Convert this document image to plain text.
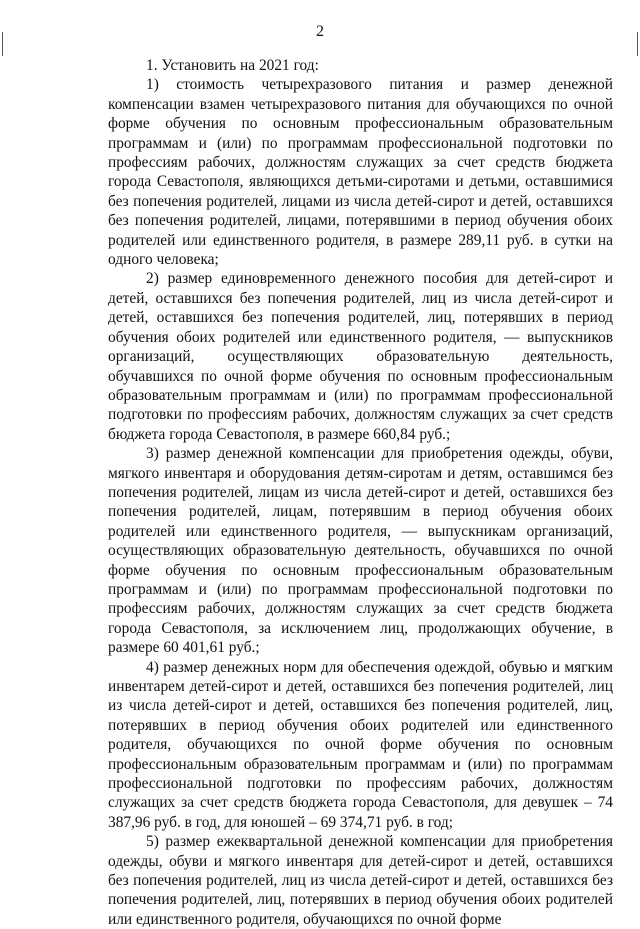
2

1. Установить на 2021 год:

1) стоимость четырехразового питания и размер денежной компенсации взамен четырехразового питания для обучающихся по очной форме обучения по основным профессиональным образовательным программам и (или) по программам профессиональной подготовки по профессиям рабочих, должностям служащих за счет средств бюджета города Севастополя, являющихся детьми-сиротами и детьми, оставшимися без попечения родителей, лицами из числа детей-сирот и детей, оставшихся без попечения родителей, лицами, потерявшими в период обучения обоих родителей или единственного родителя, в размере 289,11 руб. в сутки на одного человека;

2) размер единовременного денежного пособия для детей-сирот и детей, оставшихся без попечения родителей, лиц из числа детей-сирот и детей, оставшихся без попечения родителей, лиц, потерявших в период обучения обоих родителей или единственного родителя, — выпускников организаций, осуществляющих образовательную деятельность, обучавшихся по очной форме обучения по основным профессиональным образовательным программам и (или) по программам профессиональной подготовки по профессиям рабочих, должностям служащих за счет средств бюджета города Севастополя, в размере 660,84 руб.;

3) размер денежной компенсации для приобретения одежды, обуви, мягкого инвентаря и оборудования детям-сиротам и детям, оставшимся без попечения родителей, лицам из числа детей-сирот и детей, оставшихся без попечения родителей, лицам, потерявшим в период обучения обоих родителей или единственного родителя, — выпускникам организаций, осуществляющих образовательную деятельность, обучавшихся по очной форме обучения по основным профессиональным образовательным программам и (или) по программам профессиональной подготовки по профессиям рабочих, должностям служащих за счет средств бюджета города Севастополя, за исключением лиц, продолжающих обучение, в размере 60 401,61 руб.;

4) размер денежных норм для обеспечения одеждой, обувью и мягким инвентарем детей-сирот и детей, оставшихся без попечения родителей, лиц из числа детей-сирот и детей, оставшихся без попечения родителей, лиц, потерявших в период обучения обоих родителей или единственного родителя, обучающихся по очной форме обучения по основным профессиональным образовательным программам и (или) по программам профессиональной подготовки по профессиям рабочих, должностям служащих за счет средств бюджета города Севастополя, для девушек – 74 387,96 руб. в год, для юношей – 69 374,71 руб. в год;

5) размер ежеквартальной денежной компенсации для приобретения одежды, обуви и мягкого инвентаря для детей-сирот и детей, оставшихся без попечения родителей, лиц из числа детей-сирот и детей, оставшихся без попечения родителей, лиц, потерявших в период обучения обоих родителей или единственного родителя, обучающихся по очной форме
